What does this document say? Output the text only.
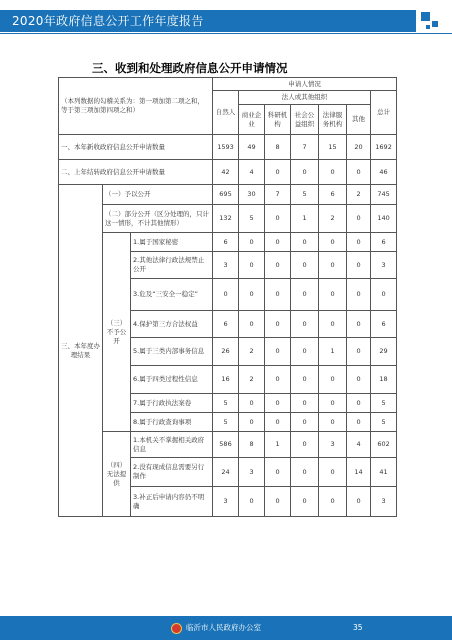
2020年政府信息公开工作年度报告
三、收到和处理政府信息公开申请情况
（本列数据的勾稽关系为：第一项加第二项之和，等于第三项加第四项之和）			申请人情况						
			自然人	法人或其他组织					总计
				商业企业	科研机构	社会公益组织	法律服务机构	其他	
一、本年新收政府信息公开申请数量			1593	49	8	7	15	20	1692
二、上年结转政府信息公开申请数量			42	4	0	0	0	0	46
三、本年度办理结果	（一）予以公开		695	30	7	5	6	2	745
	（二）部分公开（区分处理的，只计这一情形，不计其他情形）		132	5	0	1	2	0	140
	（三）不予公开	1.属于国家秘密	6	0	0	0	0	0	6
		2.其他法律行政法规禁止公开	3	0	0	0	0	0	3
		3.危及“三安全一稳定”	0	0	0	0	0	0	0
		4.保护第三方合法权益	6	0	0	0	0	0	6
		5.属于三类内部事务信息	26	2	0	0	1	0	29
		6.属于四类过程性信息	16	2	0	0	0	0	18
		7.属于行政执法案卷	5	0	0	0	0	0	5
		8.属于行政查询事项	5	0	0	0	0	0	5
	（四）无法提供	1.本机关不掌握相关政府信息	586	8	1	0	3	4	602
		2.没有现成信息需要另行制作	24	3	0	0	0	14	41
		3.补正后申请内容仍不明确	3	0	0	0	0	0	3
临沂市人民政府办公室	35
